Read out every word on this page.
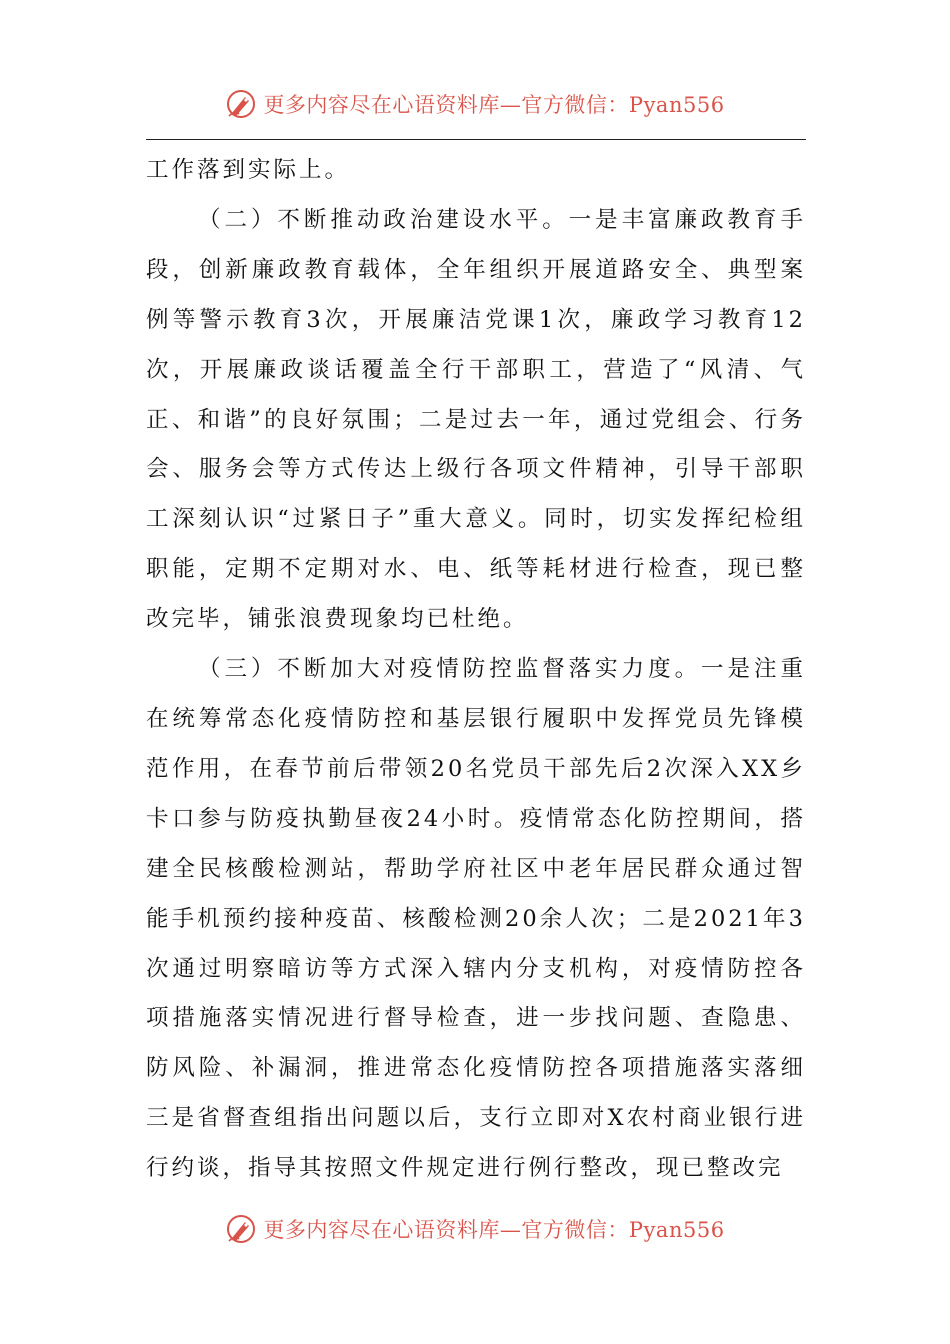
更多内容尽在心语资料库—官方微信：Pyan556

工作落到实际上。

（二）不断推动政治建设水平。一是丰富廉政教育手段，创新廉政教育载体，全年组织开展道路安全、典型案例等警示教育3次，开展廉洁党课1次，廉政学习教育12次，开展廉政谈话覆盖全行干部职工，营造了“风清、气正、和谐”的良好氛围；二是过去一年，通过党组会、行务会、服务会等方式传达上级行各项文件精神，引导干部职工深刻认识“过紧日子”重大意义。同时，切实发挥纪检组职能，定期不定期对水、电、纸等耗材进行检查，现已整改完毕，铺张浪费现象均已杜绝。

（三）不断加大对疫情防控监督落实力度。一是注重在统筹常态化疫情防控和基层银行履职中发挥党员先锋模范作用，在春节前后带领20名党员干部先后2次深入XX乡卡口参与防疫执勤昼夜24小时。疫情常态化防控期间，搭建全民核酸检测站，帮助学府社区中老年居民群众通过智能手机预约接种疫苗、核酸检测20余人次；二是2021年3次通过明察暗访等方式深入辖内分支机构，对疫情防控各项措施落实情况进行督导检查，进一步找问题、查隐患、防风险、补漏洞，推进常态化疫情防控各项措施落实落细三是省督查组指出问题以后，支行立即对X农村商业银行进行约谈，指导其按照文件规定进行例行整改，现已整改完

更多内容尽在心语资料库—官方微信：Pyan556
